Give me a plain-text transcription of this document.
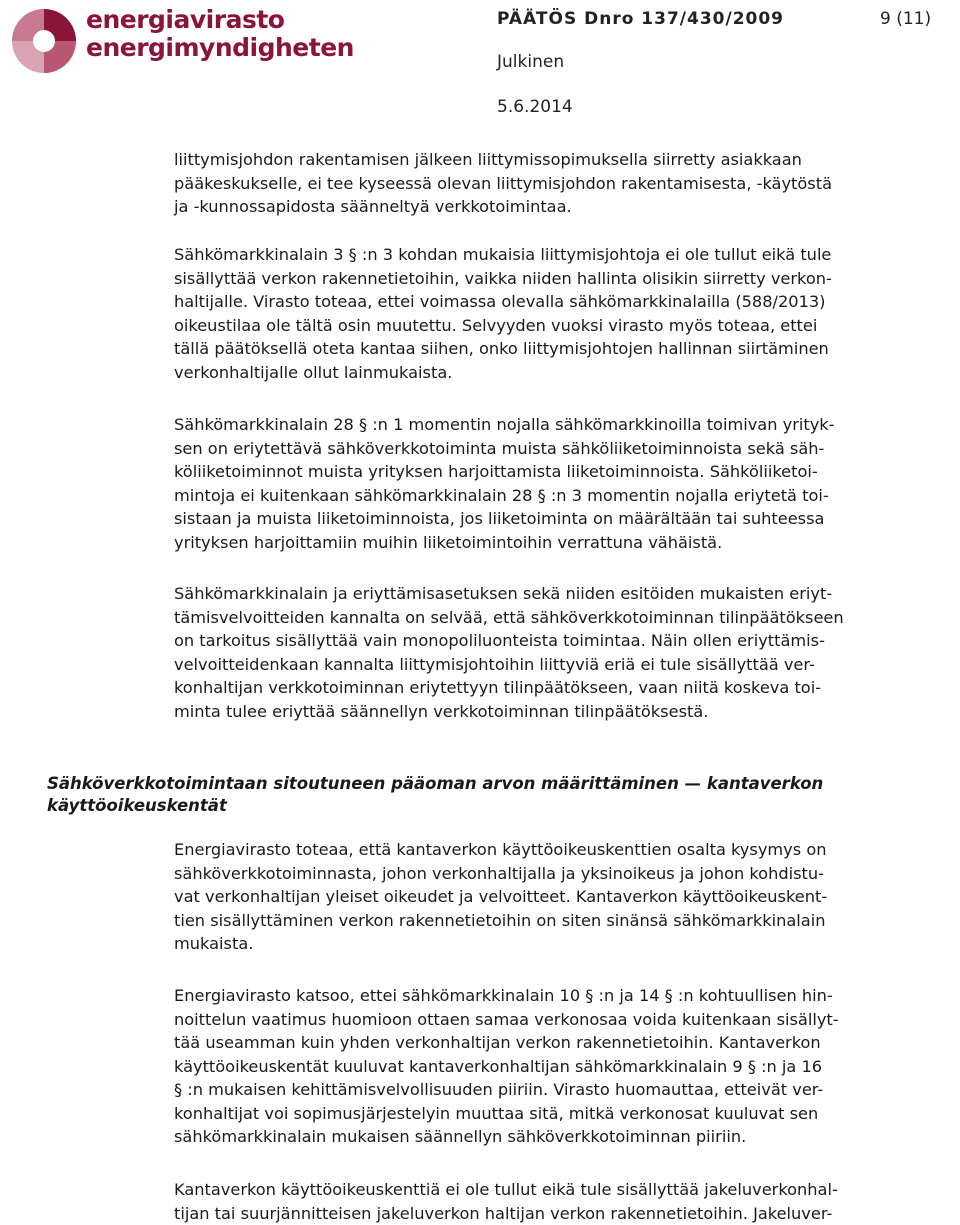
energiavirasto
energimyndigheten
PÄÄTÖS Dnro 137/430/2009	9 (11)
Julkinen
5.6.2014

liittymisjohdon rakentamisen jälkeen liittymissopimuksella siirretty asiakkaan

pääkeskukselle, ei tee kyseessä olevan liittymisjohdon rakentamisesta, -käytöstä

ja -kunnossapidosta säänneltyä verkkotoimintaa.

Sähkömarkkinalain 3 § :n 3 kohdan mukaisia liittymisjohtoja ei ole tullut eikä tule

sisällyttää verkon rakennetietoihin, vaikka niiden hallinta olisikin siirretty verkon-

haltijalle. Virasto toteaa, ettei voimassa olevalla sähkömarkkinalailla (588/2013)

oikeustilaa ole tältä osin muutettu. Selvyyden vuoksi virasto myös toteaa, ettei

tällä päätöksellä oteta kantaa siihen, onko liittymisjohtojen hallinnan siirtäminen

verkonhaltijalle ollut lainmukaista.

Sähkömarkkinalain 28 § :n 1 momentin nojalla sähkömarkkinoilla toimivan yrityk-

sen on eriytettävä sähköverkkotoiminta muista sähköliiketoiminnoista sekä säh-

köliiketoiminnot muista yrityksen harjoittamista liiketoiminnoista. Sähköliiketoi-

mintoja ei kuitenkaan sähkömarkkinalain 28 § :n 3 momentin nojalla eriytetä toi-

sistaan ja muista liiketoiminnoista, jos liiketoiminta on määrältään tai suhteessa

yrityksen harjoittamiin muihin liiketoimintoihin verrattuna vähäistä.

Sähkömarkkinalain ja eriyttämisasetuksen sekä niiden esitöiden mukaisten eriyt-

tämisvelvoitteiden kannalta on selvää, että sähköverkkotoiminnan tilinpäätökseen

on tarkoitus sisällyttää vain monopoliluonteista toimintaa. Näin ollen eriyttämis-

velvoitteidenkaan kannalta liittymisjohtoihin liittyviä eriä ei tule sisällyttää ver-

konhaltijan verkkotoiminnan eriytettyyn tilinpäätökseen, vaan niitä koskeva toi-

minta tulee eriyttää säännellyn verkkotoiminnan tilinpäätöksestä.

Sähköverkkotoimintaan sitoutuneen pääoman arvon määrittäminen — kantaverkon

käyttöoikeuskentät

Energiavirasto toteaa, että kantaverkon käyttöoikeuskenttien osalta kysymys on

sähköverkkotoiminnasta, johon verkonhaltijalla ja yksinoikeus ja johon kohdistu-

vat verkonhaltijan yleiset oikeudet ja velvoitteet. Kantaverkon käyttöoikeuskent-

tien sisällyttäminen verkon rakennetietoihin on siten sinänsä sähkömarkkinalain

mukaista.

Energiavirasto katsoo, ettei sähkömarkkinalain 10 § :n ja 14 § :n kohtuullisen hin-

noittelun vaatimus huomioon ottaen samaa verkonosaa voida kuitenkaan sisällyt-

tää useamman kuin yhden verkonhaltijan verkon rakennetietoihin. Kantaverkon

käyttöoikeuskentät kuuluvat kantaverkonhaltijan sähkömarkkinalain 9 § :n ja 16

§ :n mukaisen kehittämisvelvollisuuden piiriin. Virasto huomauttaa, etteivät ver-

konhaltijat voi sopimusjärjestelyin muuttaa sitä, mitkä verkonosat kuuluvat sen

sähkömarkkinalain mukaisen säännellyn sähköverkkotoiminnan piiriin.

Kantaverkon käyttöoikeuskenttiä ei ole tullut eikä tule sisällyttää jakeluverkonhal-

tijan tai suurjännitteisen jakeluverkon haltijan verkon rakennetietoihin. Jakeluver-
